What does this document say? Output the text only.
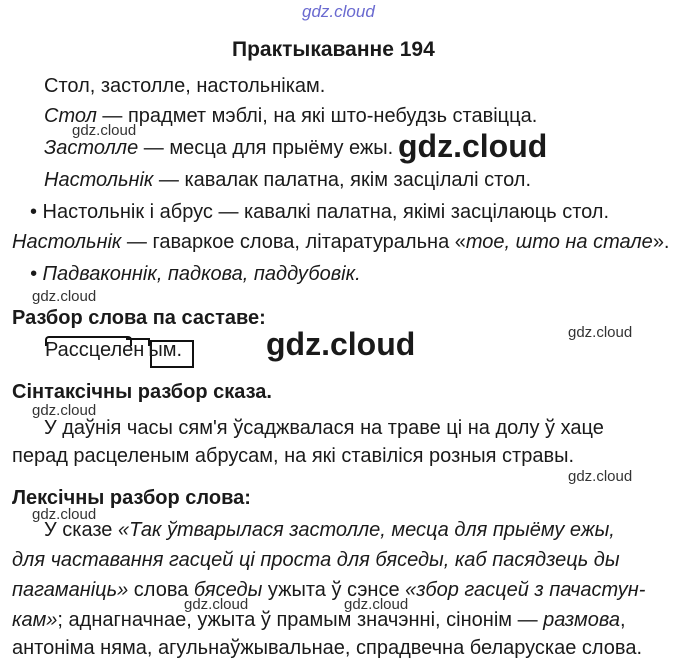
gdz.cloud
gdz.cloud	gdz.cloud
gdz.cloud
gdz.cloud
gdz.cloud
gdz.cloud
gdz.cloud
gdz.cloud
gdz.cloud	gdz.cloud
Практыкаванне 194
Стол, застолле, настольнікам.
Стол — прадмет мэблі, на які што-небудзь ставіцца.
Застолле — месца для прыёму ежы.
Настольнік — кавалак палатна, якім засцілалі стол.
• Настольнік і абрус — кавалкі палатна, якімі засцілаюць стол.
Настольнік — гаваркое слова, літаратуральна «тое, што на стале».
• Падваконнік, падкова, паддубовік.
Разбор слова па саставе:
Рассцелен ым.
Сінтаксічны разбор сказа.
У даўнія часы сям'я ўсаджвалася на траве ці на долу ў хаце
перад расцеленым абрусам, на які ставіліся розныя стравы.
Лексічны разбор слова:
У сказе «Так ўтварылася застолле, месца для прыёму ежы,
для частавання гасцей ці проста для бяседы, каб пасядзець ды
пагаманіць» слова бяседы ужыта ў сэнсе «збор гасцей з пачастун-
кам»; аднагначнае, ужыта ў прамым значэнні, сінонім — размова,
антоніма няма, агульнаўжывальнае, спрадвечна беларускае слова.
